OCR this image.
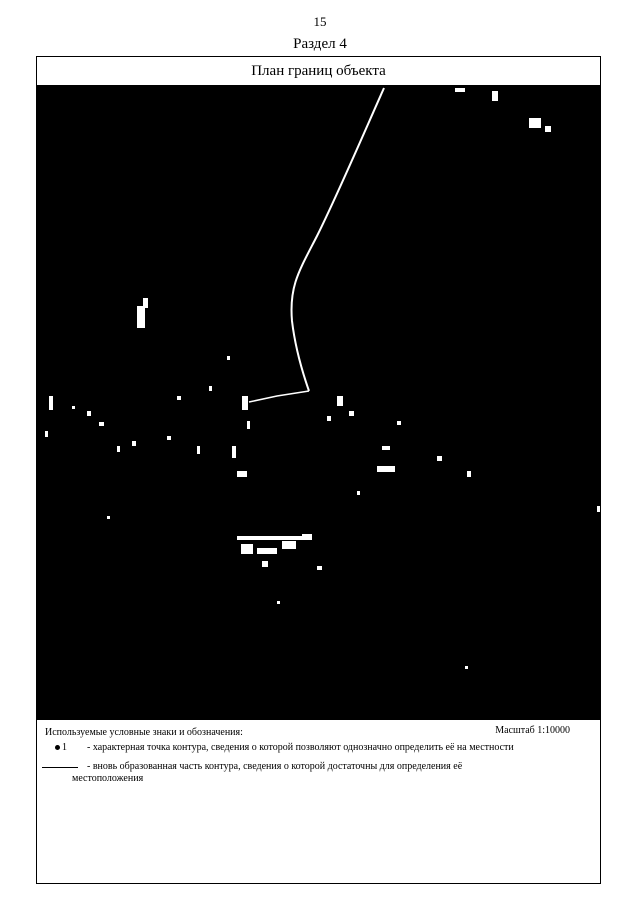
15
Раздел 4
План границ объекта
Используемые условные знаки и обозначения:	Масштаб 1:10000
1 - характерная точка контура, сведения о которой позволяют однозначно определить её на местности
- вновь образованная часть контура, сведения о которой достаточны для определения её
местоположения
